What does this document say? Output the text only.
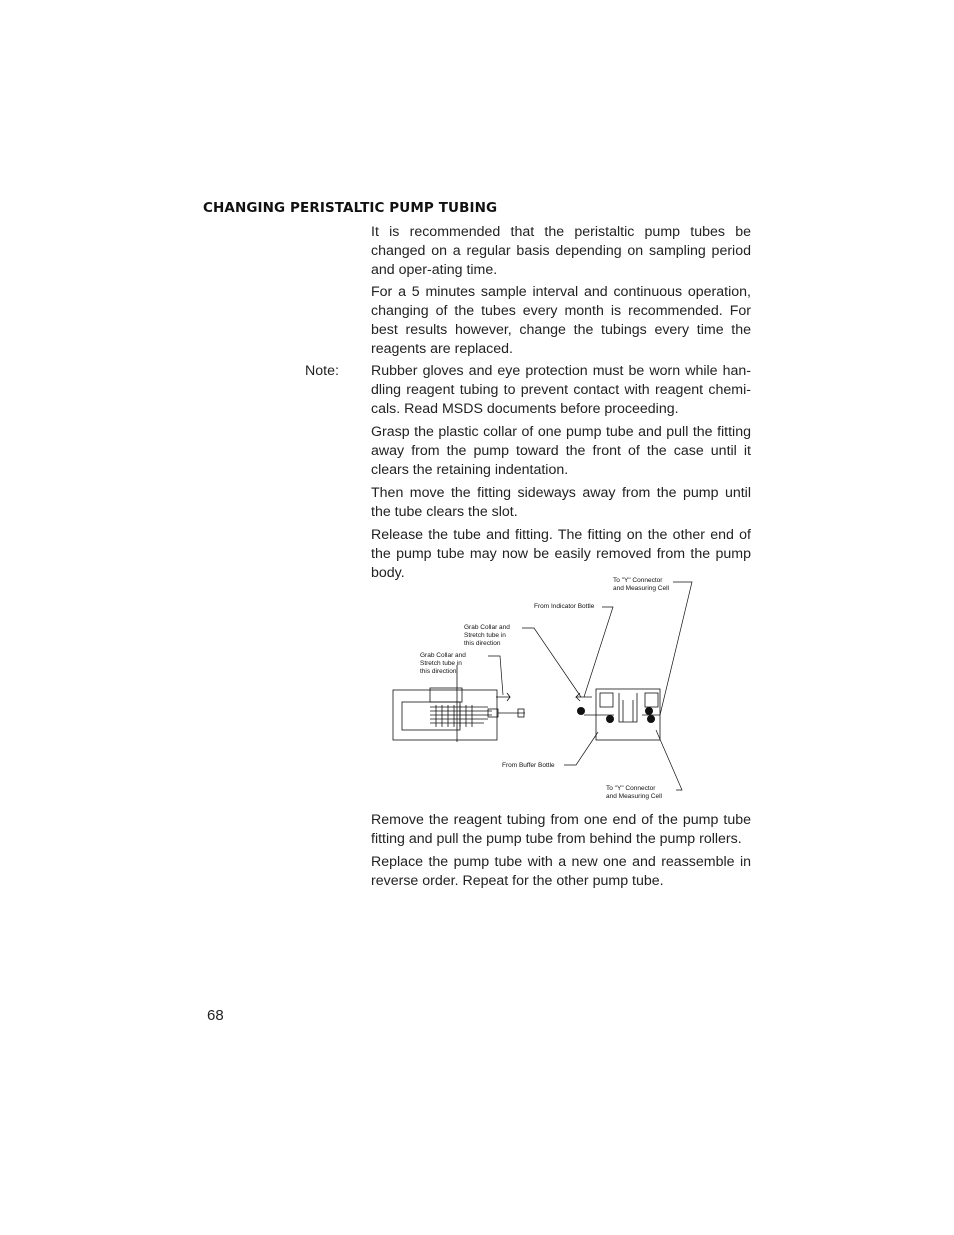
CHANGING PERISTALTIC PUMP TUBING

It is recommended that the peristaltic pump tubes be changed on a regular basis depending on sampling period and oper-ating time.

For a 5 minutes sample interval and continuous operation, changing of the tubes every month is recommended. For best results however, change the tubings every time the reagents are replaced.

Note: Rubber gloves and eye protection must be worn while han-dling reagent tubing to prevent contact with reagent chemi-cals. Read MSDS documents before proceeding.

Grasp the plastic collar of one pump tube and pull the fitting away from the pump toward the front of the case until it clears the retaining indentation.

Then move the fitting sideways away from the pump until the tube clears the slot.

Release the tube and fitting. The fitting on the other end of the pump tube may now be easily removed from the pump body.	To "Y" Connector
and Measuring Cell
From Indicator Bottle
Grab Collar and
Stretch tube in
this direction
Grab Collar and
Stretch tube in
this direction
From Buffer Bottle
To "Y" Connector
and Measuring Cell

Remove the reagent tubing from one end of the pump tube fitting and pull the pump tube from behind the pump rollers.

Replace the pump tube with a new one and reassemble in reverse order. Repeat for the other pump tube.

68
